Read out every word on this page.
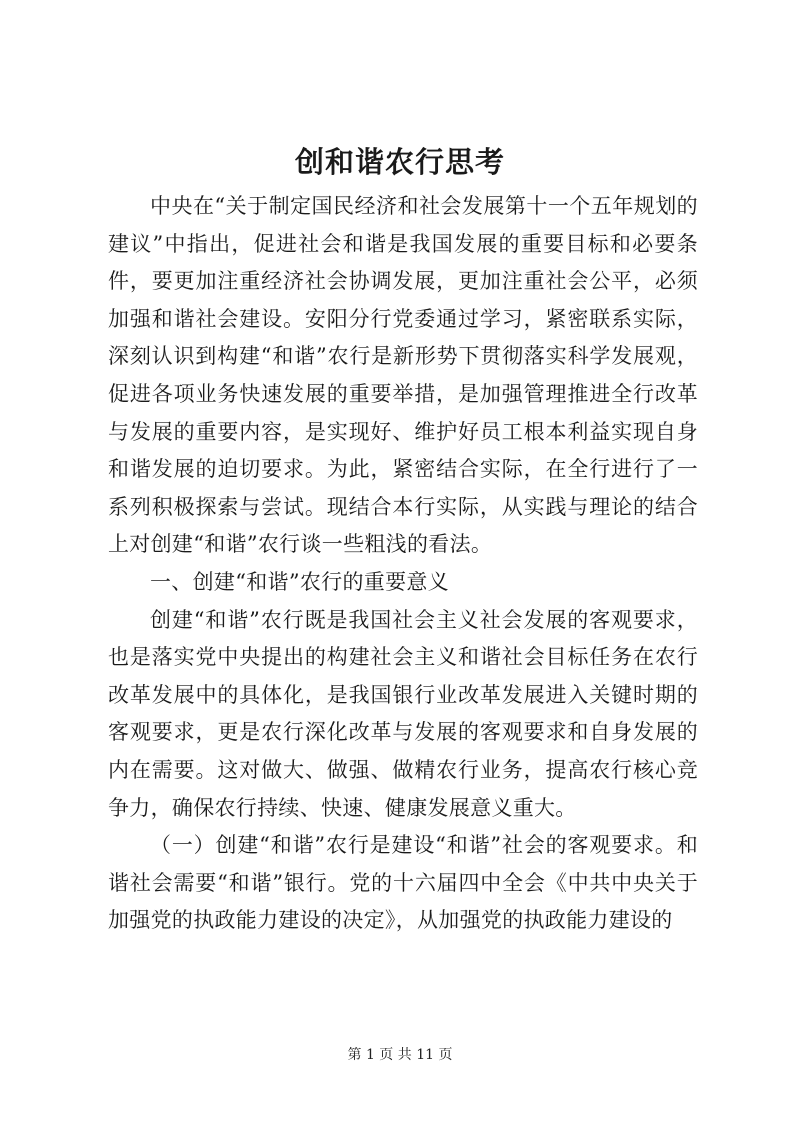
创和谐农行思考

中央在“关于制定国民经济和社会发展第十一个五年规划的建议”中指出，促进社会和谐是我国发展的重要目标和必要条件，要更加注重经济社会协调发展，更加注重社会公平，必须加强和谐社会建设。安阳分行党委通过学习，紧密联系实际，深刻认识到构建“和谐”农行是新形势下贯彻落实科学发展观，促进各项业务快速发展的重要举措，是加强管理推进全行改革与发展的重要内容，是实现好、维护好员工根本利益实现自身和谐发展的迫切要求。为此，紧密结合实际，在全行进行了一系列积极探索与尝试。现结合本行实际，从实践与理论的结合上对创建“和谐”农行谈一些粗浅的看法。

一、创建“和谐”农行的重要意义

创建“和谐”农行既是我国社会主义社会发展的客观要求，也是落实党中央提出的构建社会主义和谐社会目标任务在农行改革发展中的具体化，是我国银行业改革发展进入关键时期的客观要求，更是农行深化改革与发展的客观要求和自身发展的内在需要。这对做大、做强、做精农行业务，提高农行核心竞争力，确保农行持续、快速、健康发展意义重大。

（一）创建“和谐”农行是建设“和谐”社会的客观要求。和谐社会需要“和谐”银行。党的十六届四中全会《中共中央关于加强党的执政能力建设的决定》，从加强党的执政能力建设的

第 1 页 共 11 页
